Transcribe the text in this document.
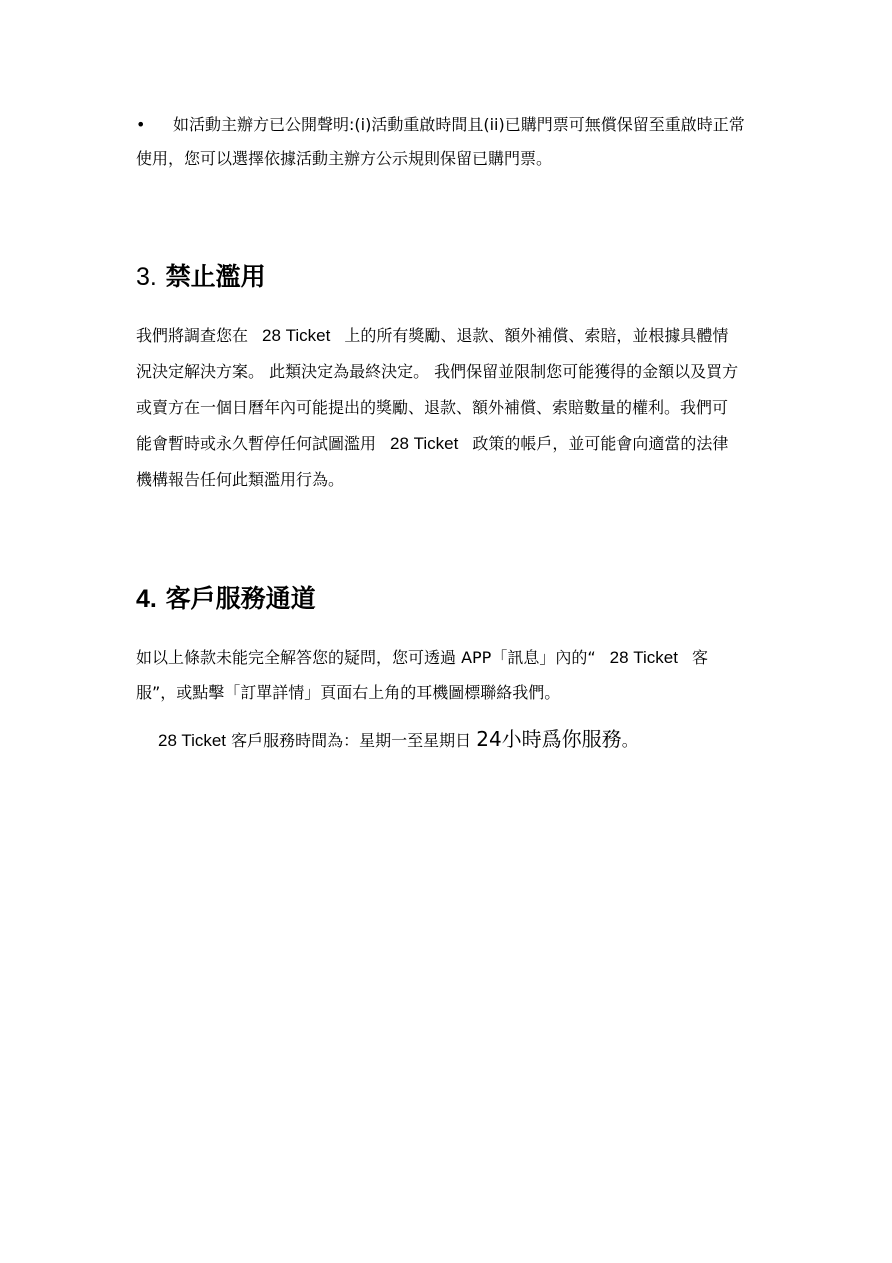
• 如活動主辦方已公開聲明:(i)活動重啟時間且(ii)已購門票可無償保留至重啟時正常
使用，您可以選擇依據活動主辦方公示規則保留已購門票。
3. 禁止濫用
我們將調查您在 28 Ticket 上的所有獎勵、退款、額外補償、索賠，並根據具體情
況決定解決方案。 此類決定為最終決定。 我們保留並限制您可能獲得的金額以及買方
或賣方在一個日曆年內可能提出的獎勵、退款、額外補償、索賠數量的權利。我們可
能會暫時或永久暫停任何試圖濫用 28 Ticket 政策的帳戶，並可能會向適當的法律
機構報告任何此類濫用行為。
4. 客戶服務通道
如以上條款未能完全解答您的疑問，您可透過 APP「訊息」內的“ 28 Ticket 客
服”，或點擊「訂單詳情」頁面右上角的耳機圖標聯絡我們。
28 Ticket 客戶服務時間為：星期一至星期日 24小時爲你服務。
